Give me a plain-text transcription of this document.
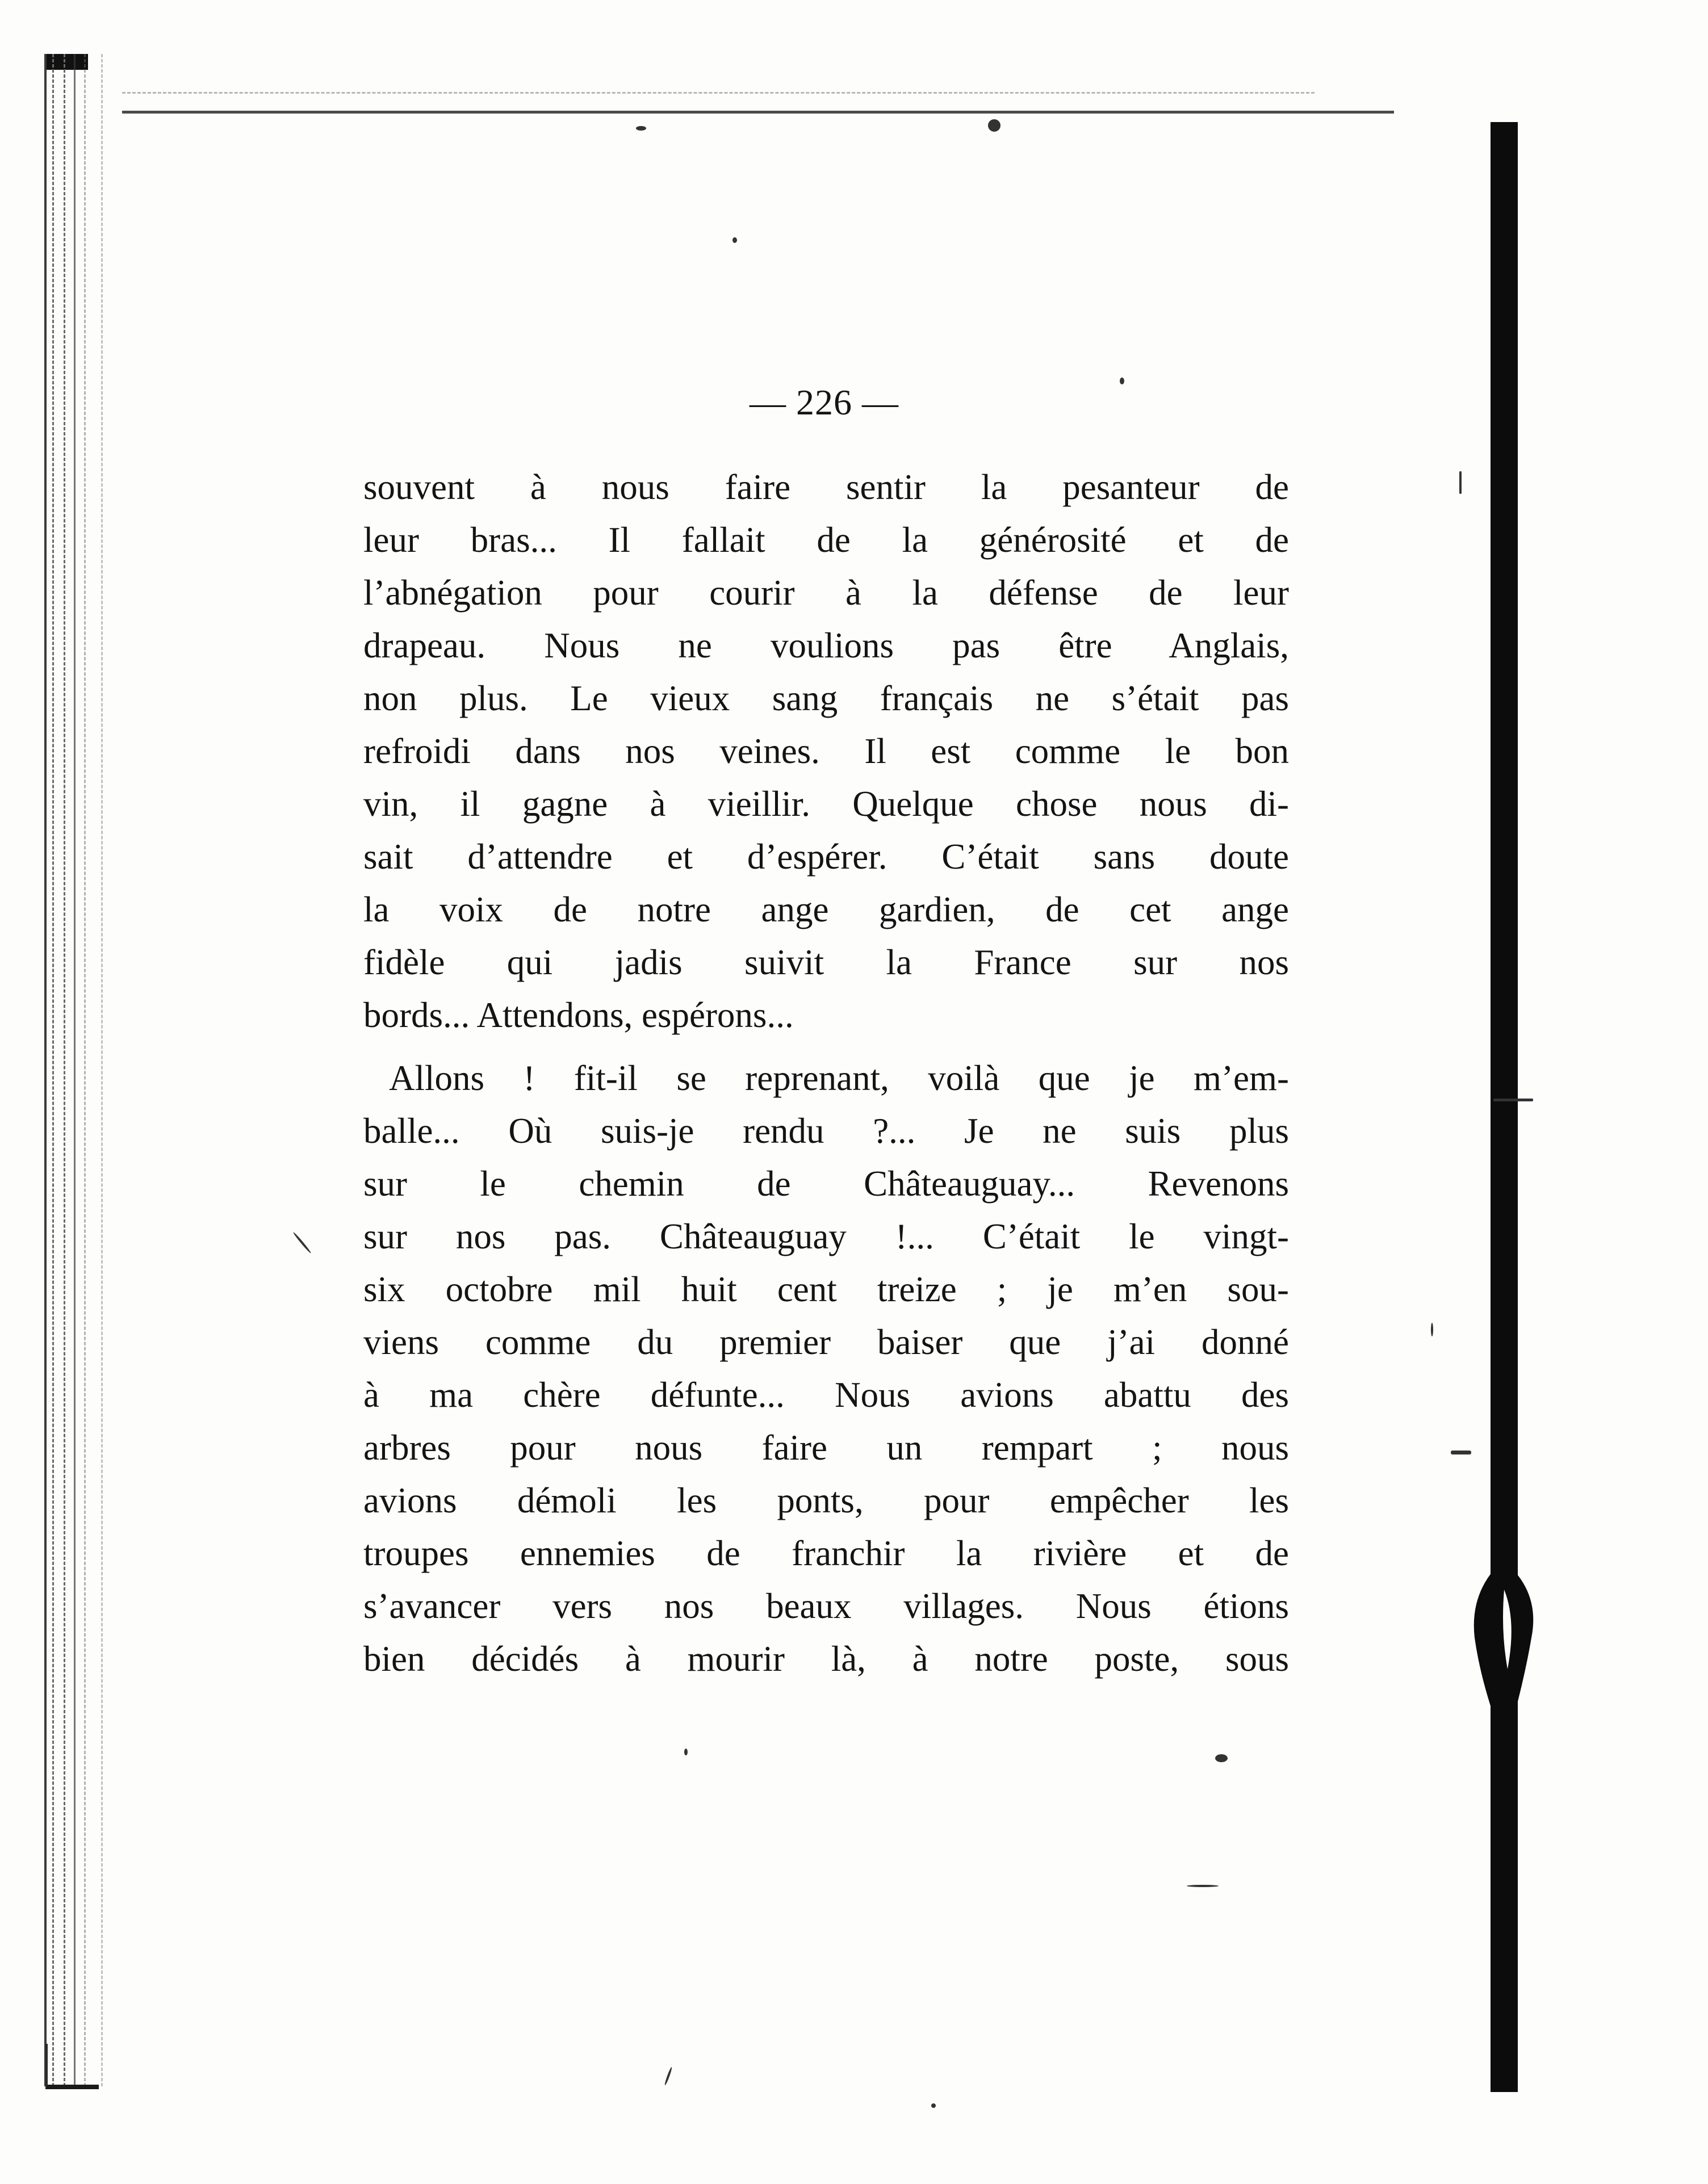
— 226 —
souvent à nous faire sentir la pesanteur de
leur bras... Il fallait de la générosité et de
l’abnégation pour courir à la défense de leur
drapeau. Nous ne voulions pas être Anglais,
non plus. Le vieux sang français ne s’était pas
refroidi dans nos veines. Il est comme le bon
vin, il gagne à vieillir. Quelque chose nous di-
sait d’attendre et d’espérer. C’était sans doute
la voix de notre ange gardien, de cet ange
fidèle qui jadis suivit la France sur nos
bords... Attendons, espérons...
Allons ! fit-il se reprenant, voilà que je m’em-
balle... Où suis-je rendu ?... Je ne suis plus
sur le chemin de Châteauguay... Revenons
sur nos pas. Châteauguay !... C’était le vingt-
six octobre mil huit cent treize ; je m’en sou-
viens comme du premier baiser que j’ai donné
à ma chère défunte... Nous avions abattu des
arbres pour nous faire un rempart ; nous
avions démoli les ponts, pour empêcher les
troupes ennemies de franchir la rivière et de
s’avancer vers nos beaux villages. Nous étions
bien décidés à mourir là, à notre poste, sous
